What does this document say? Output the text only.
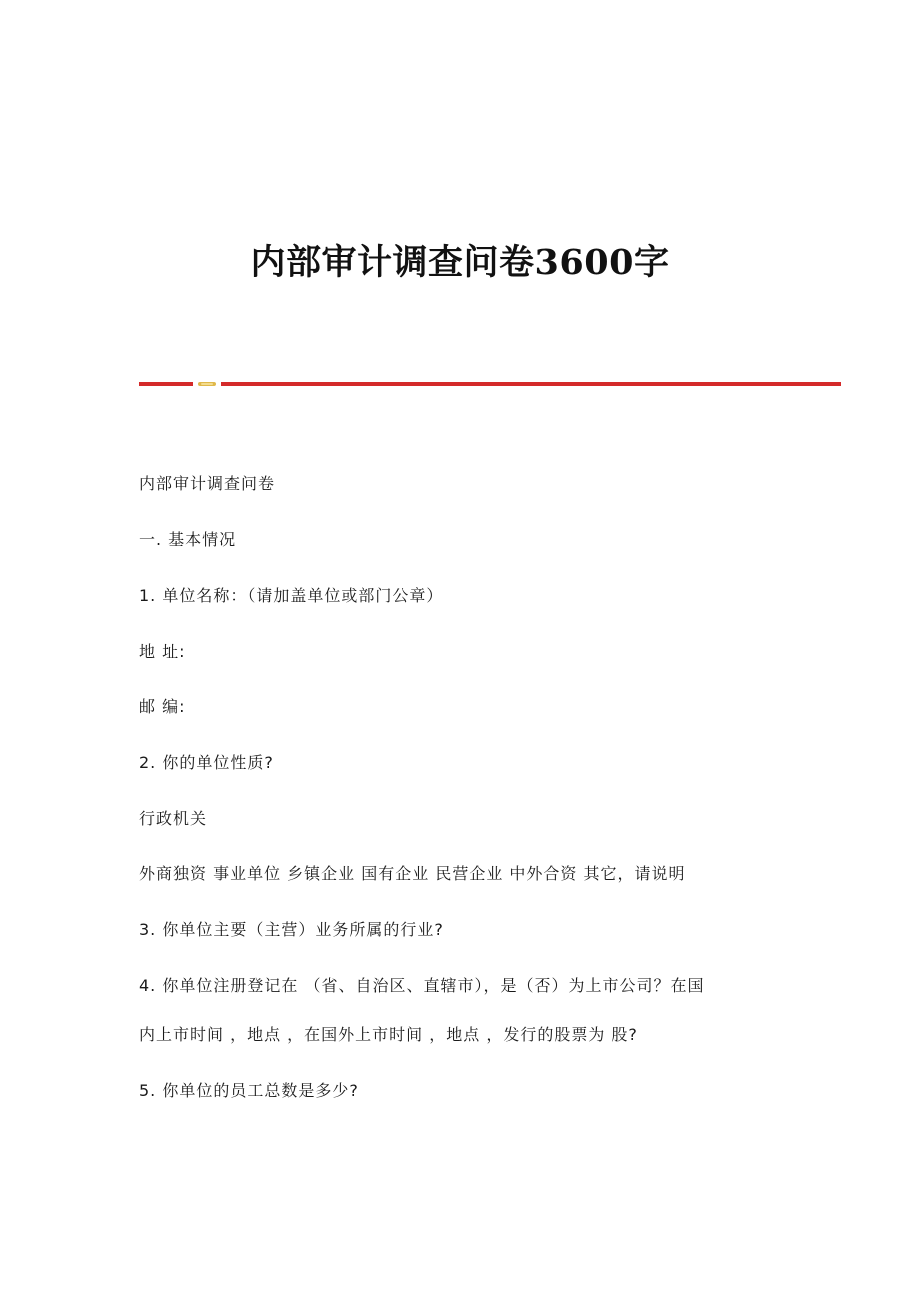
内部审计调查问卷3600字
内部审计调查问卷
一. 基本情况
1. 单位名称：（请加盖单位或部门公章）
地 址:
邮 编:
2. 你的单位性质?
行政机关
外商独资 事业单位 乡镇企业 国有企业 民营企业 中外合资 其它，请说明
3. 你单位主要（主营）业务所属的行业?
4. 你单位注册登记在 （省、自治区、直辖市），是（否）为上市公司？在国
内上市时间 ，地点 ，在国外上市时间 ，地点 ，发行的股票为 股?
5. 你单位的员工总数是多少?
